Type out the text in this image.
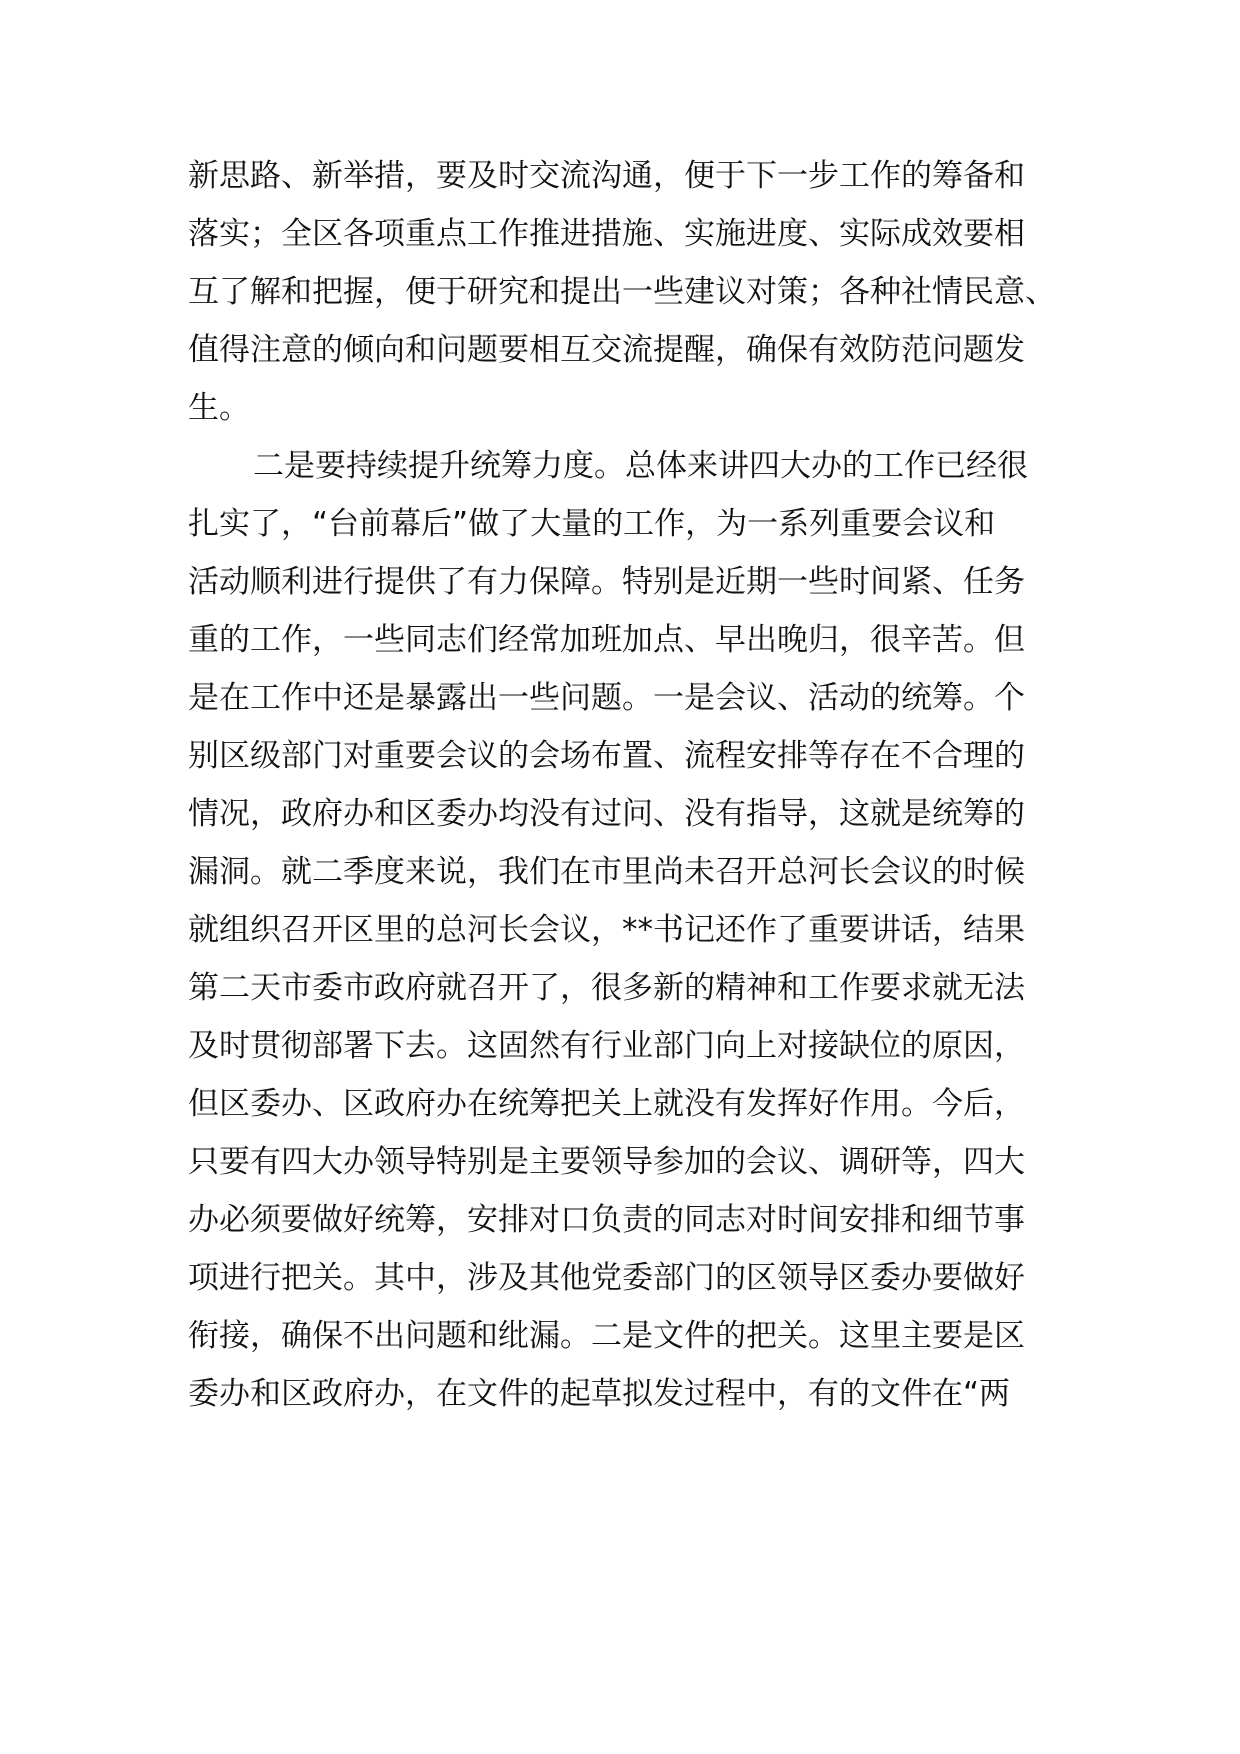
新思路、新举措，要及时交流沟通，便于下一步工作的筹备和
落实；全区各项重点工作推进措施、实施进度、实际成效要相
互了解和把握，便于研究和提出一些建议对策；各种社情民意、
值得注意的倾向和问题要相互交流提醒，确保有效防范问题发
生。
二是要持续提升统筹力度。总体来讲四大办的工作已经很
扎实了，“台前幕后”做了大量的工作，为一系列重要会议和
活动顺利进行提供了有力保障。特别是近期一些时间紧、任务
重的工作，一些同志们经常加班加点、早出晚归，很辛苦。但
是在工作中还是暴露出一些问题。一是会议、活动的统筹。个
别区级部门对重要会议的会场布置、流程安排等存在不合理的
情况，政府办和区委办均没有过问、没有指导，这就是统筹的
漏洞。就二季度来说，我们在市里尚未召开总河长会议的时候
就组织召开区里的总河长会议，**书记还作了重要讲话，结果
第二天市委市政府就召开了，很多新的精神和工作要求就无法
及时贯彻部署下去。这固然有行业部门向上对接缺位的原因，
但区委办、区政府办在统筹把关上就没有发挥好作用。今后，
只要有四大办领导特别是主要领导参加的会议、调研等，四大
办必须要做好统筹，安排对口负责的同志对时间安排和细节事
项进行把关。其中，涉及其他党委部门的区领导区委办要做好
衔接，确保不出问题和纰漏。二是文件的把关。这里主要是区
委办和区政府办，在文件的起草拟发过程中，有的文件在“两
